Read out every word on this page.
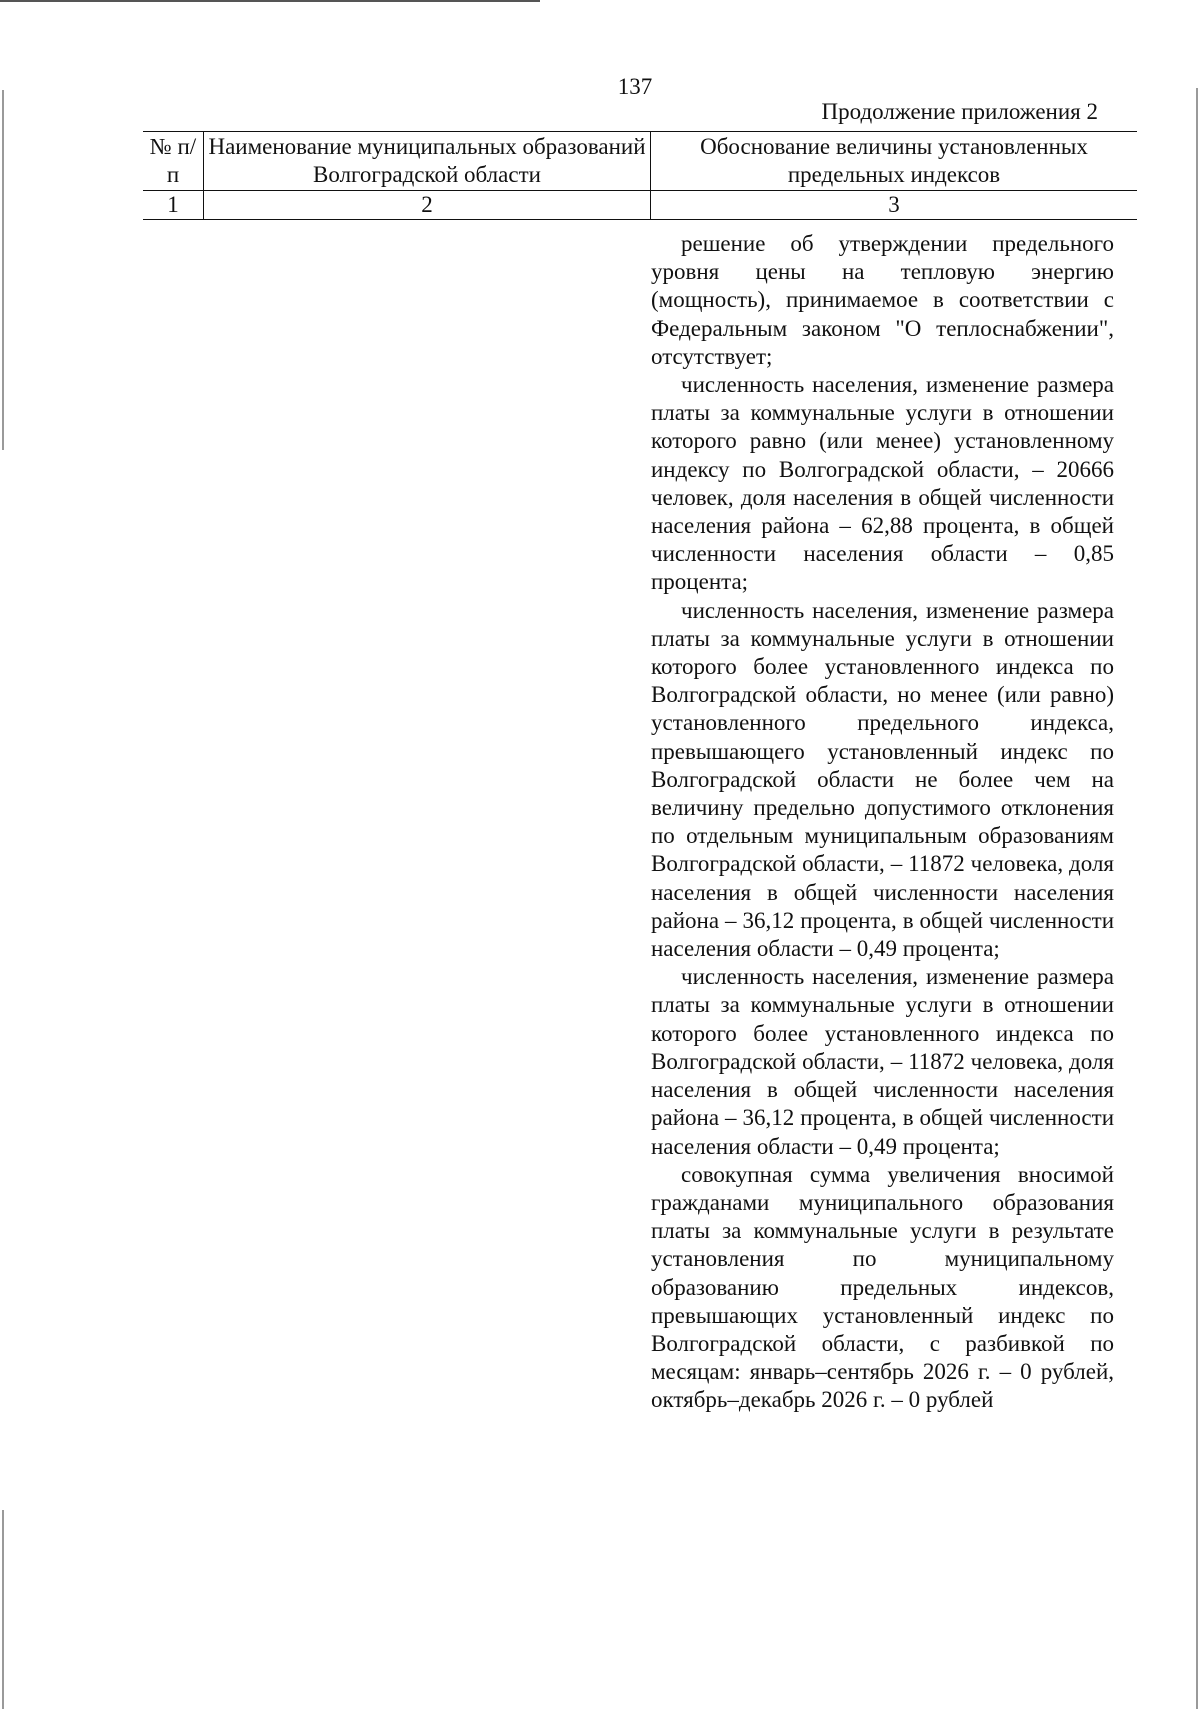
137
Продолжение приложения 2
№ п/п	Наименование муниципальных образований Волгоградской области	Обоснование величины установленных предельных индексов
1	2	3

решение об утверждении предельного уровня цены на тепловую энергию (мощность), принимаемое в соответствии с Федеральным законом "О теплоснабжении", отсутствует;

численность населения, изменение размера платы за коммунальные услуги в отношении которого равно (или менее) установленному индексу по Волгоградской области, – 20666 человек, доля населения в общей численности населения района – 62,88 процента, в общей численности населения области – 0,85 процента;

численность населения, изменение размера платы за коммунальные услуги в отношении которого более установленного индекса по Волгоградской области, но менее (или равно) установленного предельного индекса, превышающего установленный индекс по Волгоградской области не более чем на величину предельно допустимого отклонения по отдельным муниципальным образованиям Волгоградской области, – 11872 человека, доля населения в общей численности населения района – 36,12 процента, в общей численности населения области – 0,49 процента;

численность населения, изменение размера платы за коммунальные услуги в отношении которого более установленного индекса по Волгоградской области, – 11872 человека, доля населения в общей численности населения района – 36,12 процента, в общей численности населения области – 0,49 процента;

совокупная сумма увеличения вносимой гражданами муниципального образования платы за коммунальные услуги в результате установления по муниципальному образованию предельных индексов, превышающих установленный индекс по Волгоградской области, с разбивкой по месяцам: январь–сентябрь 2026 г. – 0 рублей, октябрь–декабрь 2026 г. – 0 рублей
